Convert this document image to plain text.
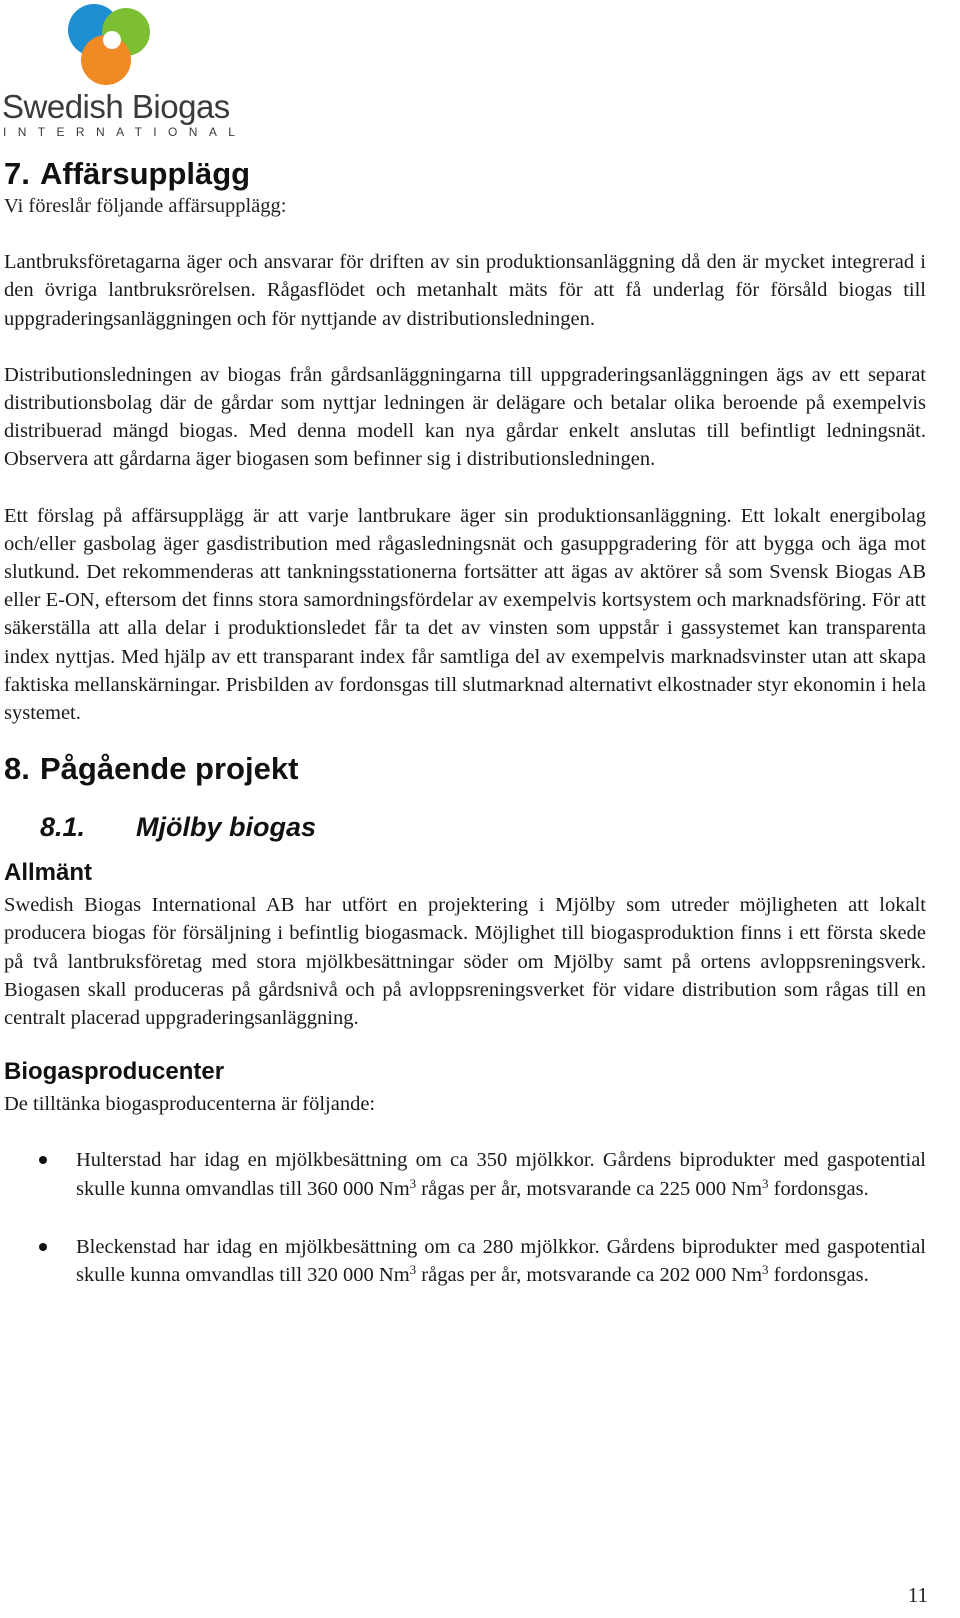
Swedish Biogas
INTERNATIONAL
7. Affärsupplägg

Vi föreslår följande affärsupplägg:

Lantbruksföretagarna äger och ansvarar för driften av sin produktionsanläggning då den är mycket integrerad i den övriga lantbruksrörelsen. Rågasflödet och metanhalt mäts för att få underlag för försåld biogas till uppgraderingsanläggningen och för nyttjande av distributionsledningen.

Distributionsledningen av biogas från gårdsanläggningarna till uppgraderingsanläggningen ägs av ett separat distributionsbolag där de gårdar som nyttjar ledningen är delägare och betalar olika beroende på exempelvis distribuerad mängd biogas. Med denna modell kan nya gårdar enkelt anslutas till befintligt ledningsnät. Observera att gårdarna äger biogasen som befinner sig i distributionsledningen.

Ett förslag på affärsupplägg är att varje lantbrukare äger sin produktionsanläggning. Ett lokalt energibolag och/eller gasbolag äger gasdistribution med rågasledningsnät och gasuppgradering för att bygga och äga mot slutkund. Det rekommenderas att tankningsstationerna fortsätter att ägas av aktörer så som Svensk Biogas AB eller E-ON, eftersom det finns stora samordningsfördelar av exempelvis kortsystem och marknadsföring. För att säkerställa att alla delar i produktionsledet får ta det av vinsten som uppstår i gassystemet kan transparenta index nyttjas. Med hjälp av ett transparant index får samtliga del av exempelvis marknadsvinster utan att skapa faktiska mellanskärningar. Prisbilden av fordonsgas till slutmarknad alternativt elkostnader styr ekonomin i hela systemet.

8. Pågående projekt
8.1. Mjölby biogas
Allmänt

Swedish Biogas International AB har utfört en projektering i Mjölby som utreder möjligheten att lokalt producera biogas för försäljning i befintlig biogasmack. Möjlighet till biogasproduktion finns i ett första skede på två lantbruksföretag med stora mjölkbesättningar söder om Mjölby samt på ortens avloppsreningsverk. Biogasen skall produceras på gårdsnivå och på avloppsreningsverket för vidare distribution som rågas till en centralt placerad uppgraderingsanläggning.

Biogasproducenter

De tilltänka biogasproducenterna är följande:

Hulterstad har idag en mjölkbesättning om ca 350 mjölkkor. Gårdens biprodukter med gaspotential skulle kunna omvandlas till 360 000 Nm$^3$ rågas per år, motsvarande ca 225 000 Nm$^3$ fordonsgas.
Bleckenstad har idag en mjölkbesättning om ca 280 mjölkkor. Gårdens biprodukter med gaspotential skulle kunna omvandlas till 320 000 Nm$^3$ rågas per år, motsvarande ca 202 000 Nm$^3$ fordonsgas.
11
